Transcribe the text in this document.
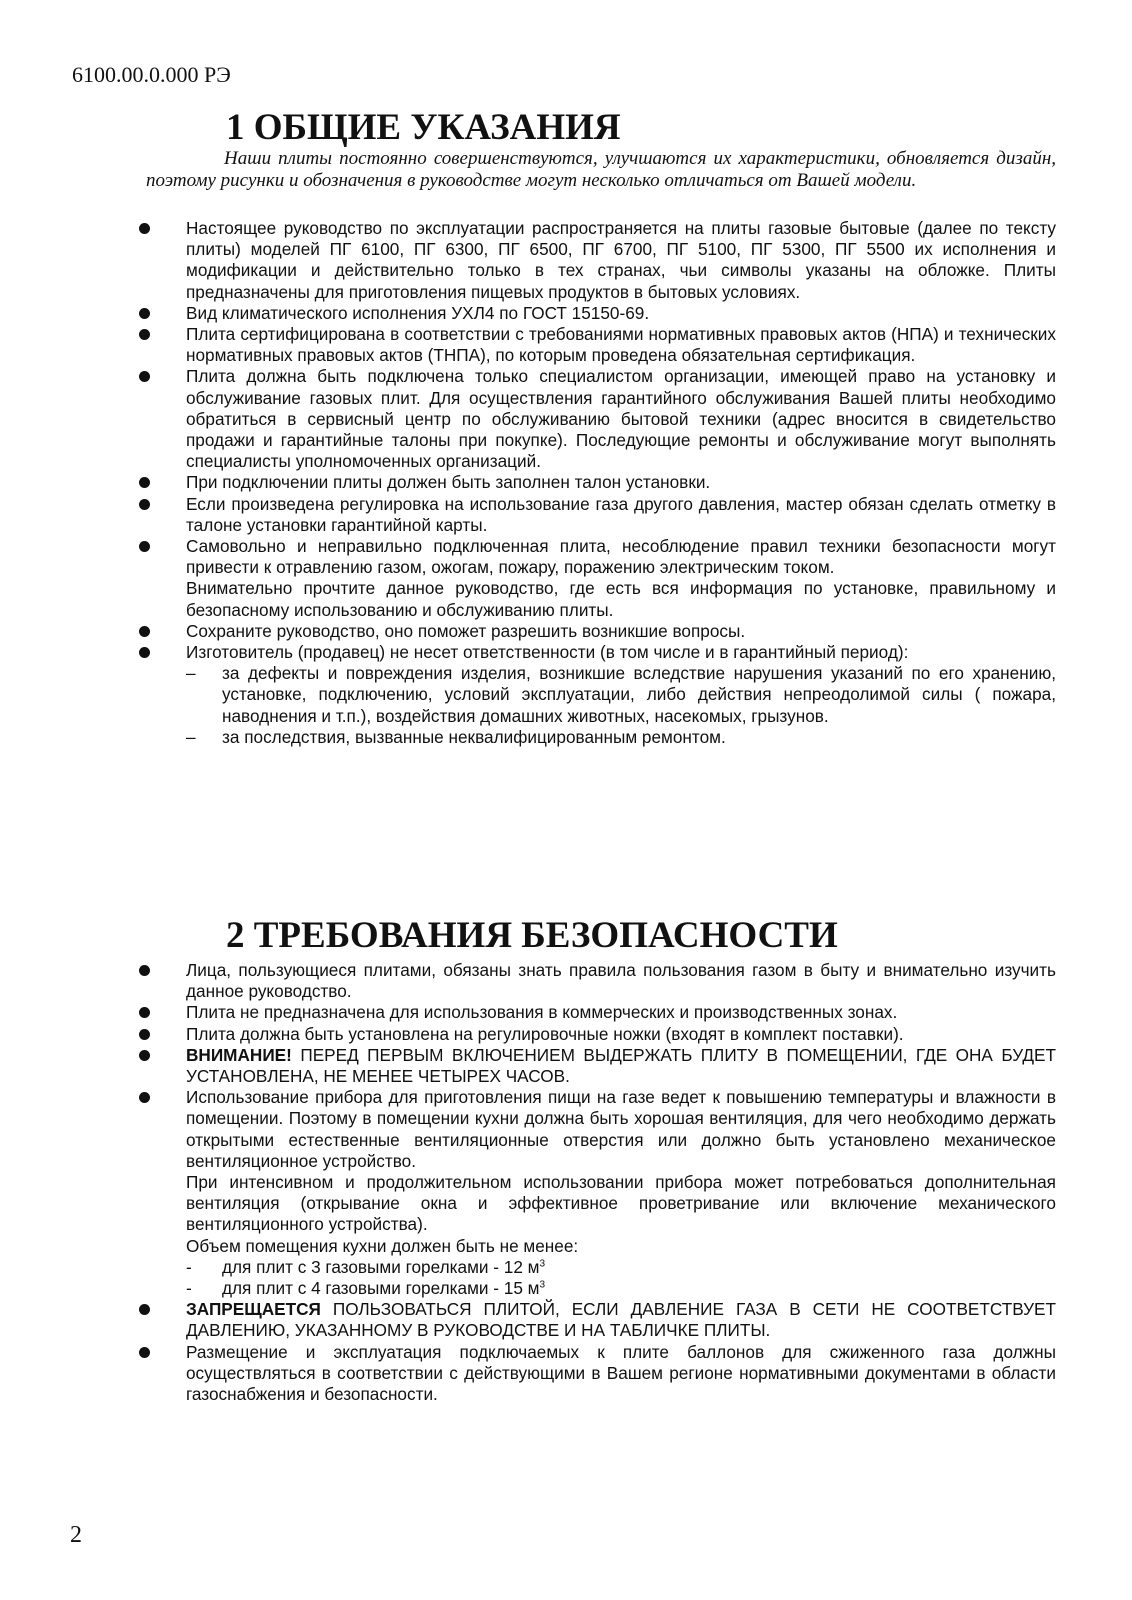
6100.00.0.000 РЭ
1 ОБЩИЕ УКАЗАНИЯ

Наши плиты постоянно совершенствуются, улучшаются их характеристики, обновляется дизайн, поэтому рисунки и обозначения в руководстве могут несколько отличаться от Вашей модели.

Настоящее руководство по эксплуатации распространяется на плиты газовые бытовые (далее по тексту плиты) моделей ПГ 6100, ПГ 6300, ПГ 6500, ПГ 6700, ПГ 5100, ПГ 5300, ПГ 5500 их исполнения и модификации и действительно только в тех странах, чьи символы указаны на обложке. Плиты предназначены для приготовления пищевых продуктов в бытовых условиях.
Вид климатического исполнения УХЛ4 по ГОСТ 15150-69.
Плита сертифицирована в соответствии с требованиями нормативных правовых актов (НПА) и технических нормативных правовых актов (ТНПА), по которым проведена обязательная сертификация.
Плита должна быть подключена только специалистом организации, имеющей право на установку и обслуживание газовых плит. Для осуществления гарантийного обслуживания Вашей плиты необходимо обратиться в сервисный центр по обслуживанию бытовой техники (адрес вносится в свидетельство продажи и гарантийные талоны при покупке). Последующие ремонты и обслуживание могут выполнять специалисты уполномоченных организаций.
При подключении плиты должен быть заполнен талон установки.
Если произведена регулировка на использование газа другого давления, мастер обязан сделать отметку в талоне установки гарантийной карты.
Самовольно и неправильно подключенная плита, несоблюдение правил техники безопасности могут привести к отравлению газом, ожогам, пожару, поражению электрическим током.
Внимательно прочтите данное руководство, где есть вся информация по установке, правильному и безопасному использованию и обслуживанию плиты.
Сохраните руководство, оно поможет разрешить возникшие вопросы.
Изготовитель (продавец) не несет ответственности (в том числе и в гарантийный период):
– за дефекты и повреждения изделия, возникшие вследствие нарушения указаний по его хранению, установке, подключению, условий эксплуатации, либо действия непреодолимой силы ( пожара, наводнения и т.п.), воздействия домашних животных, насекомых, грызунов.
– за последствия, вызванные неквалифицированным ремонтом.
2 ТРЕБОВАНИЯ БЕЗОПАСНОСТИ
Лица, пользующиеся плитами, обязаны знать правила пользования газом в быту и внимательно изучить данное руководство.
Плита не предназначена для использования в коммерческих и производственных зонах.
Плита должна быть установлена на регулировочные ножки (входят в комплект поставки).
ВНИМАНИЕ! ПЕРЕД ПЕРВЫМ ВКЛЮЧЕНИЕМ ВЫДЕРЖАТЬ ПЛИТУ В ПОМЕЩЕНИИ, ГДЕ ОНА БУДЕТ УСТАНОВЛЕНА, НЕ МЕНЕЕ ЧЕТЫРЕХ ЧАСОВ.
Использование прибора для приготовления пищи на газе ведет к повышению температуры и влажности в помещении. Поэтому в помещении кухни должна быть хорошая вентиляция, для чего необходимо держать открытыми естественные вентиляционные отверстия или должно быть установлено механическое вентиляционное устройство.
При интенсивном и продолжительном использовании прибора может потребоваться дополнительная вентиляция (открывание окна и эффективное проветривание или включение механического вентиляционного устройства).
Объем помещения кухни должен быть не менее:
- для плит с 3 газовыми горелками - 12 $м^3$
- для плит с 4 газовыми горелками - 15 $м^3$
ЗАПРЕЩАЕТСЯ ПОЛЬЗОВАТЬСЯ ПЛИТОЙ, ЕСЛИ ДАВЛЕНИЕ ГАЗА В СЕТИ НЕ СООТВЕТСТВУЕТ ДАВЛЕНИЮ, УКАЗАННОМУ В РУКОВОДСТВЕ И НА ТАБЛИЧКЕ ПЛИТЫ.
Размещение и эксплуатация подключаемых к плите баллонов для сжиженного газа должны осуществляться в соответствии с действующими в Вашем регионе нормативными документами в области газоснабжения и безопасности.
2
